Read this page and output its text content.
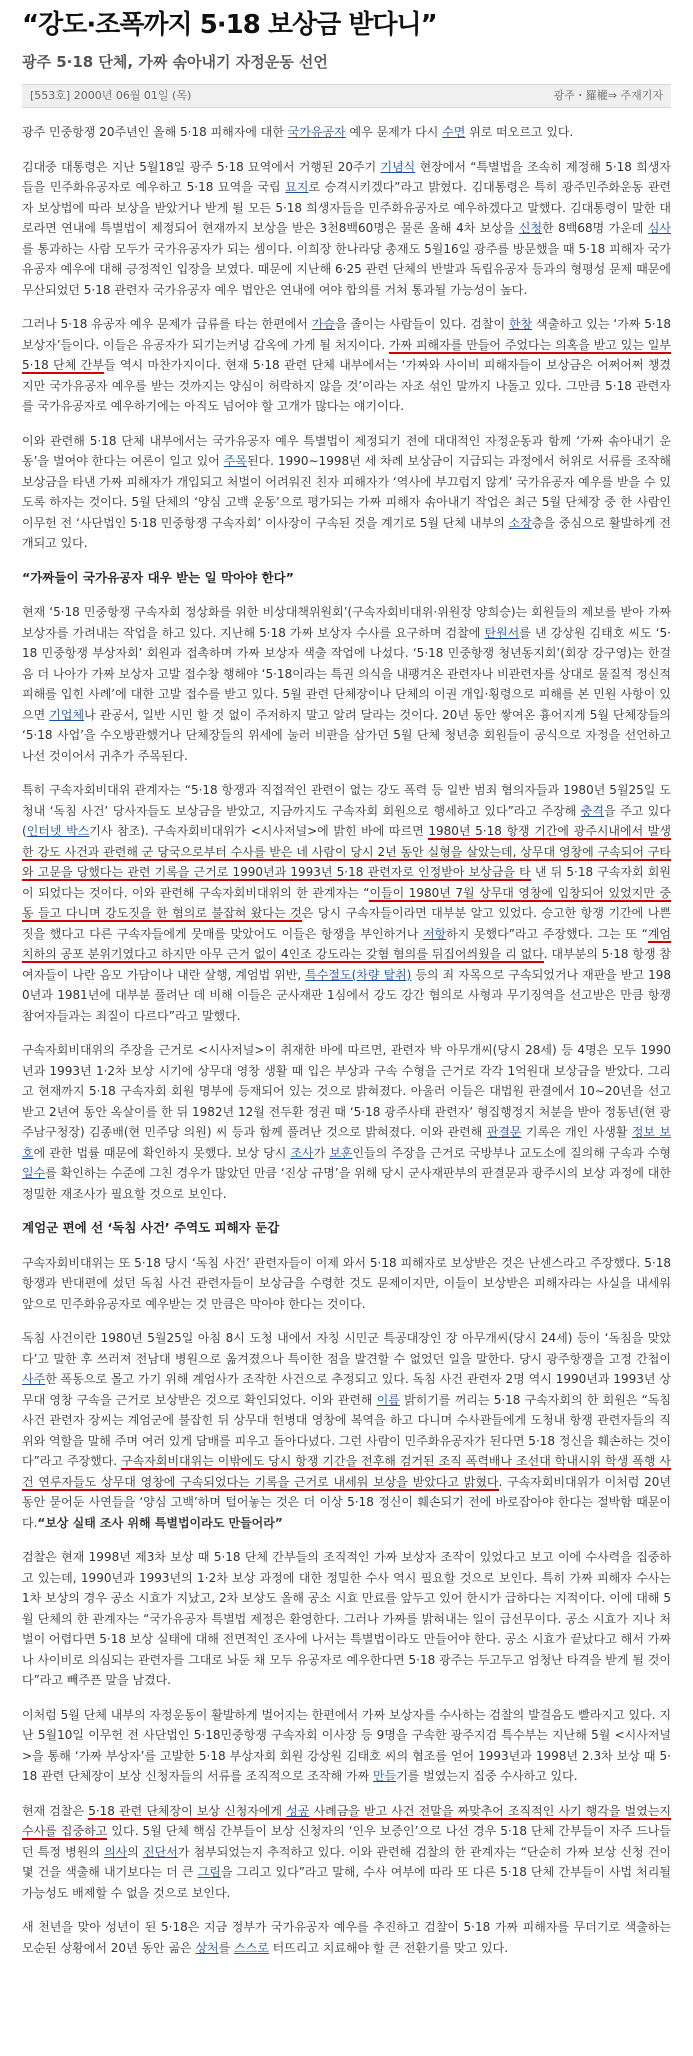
“강도·조폭까지 5·18 보상금 받다니”
광주 5·18 단체, 가짜 솎아내기 자정운동 선언
[553호] 2000년 06월 01일 (목)	광주・羅權⇒ 주재기자

광주 민중항쟁 20주년인 올해 5·18 피해자에 대한 국가유공자 예우 문제가 다시 수면 위로 떠오르고 있다.

김대중 대통령은 지난 5월18일 광주 5·18 묘역에서 거행된 20주기 기념식 현장에서 “특별법을 조속히 제정해 5·18 희생자들을 민주화유공자로 예우하고 5·18 묘역을 국립 묘지로 승격시키겠다”라고 밝혔다. 김대통령은 특히 광주민주화운동 관련자 보상법에 따라 보상을 받았거나 받게 될 모든 5·18 희생자들을 민주화유공자로 예우하겠다고 말했다. 김대통령이 말한 대로라면 연내에 특별법이 제정되어 현재까지 보상을 받은 3천8백60명은 물론 올해 4차 보상을 신청한 8백68명 가운데 심사를 통과하는 사람 모두가 국가유공자가 되는 셈이다. 이희장 한나라당 총재도 5월16일 광주를 방문했을 때 5·18 피해자 국가유공자 예우에 대해 긍정적인 입장을 보였다. 때문에 지난해 6·25 관련 단체의 반발과 독립유공자 등과의 형평성 문제 때문에 무산되었던 5·18 관련자 국가유공자 예우 법안은 연내에 여야 합의를 거쳐 통과될 가능성이 높다.

그러나 5·18 유공자 예우 문제가 급류를 타는 한편에서 가슴을 졸이는 사람들이 있다. 검찰이 한창 색출하고 있는 ‘가짜 5·18 보상자’들이다. 이들은 유공자가 되기는커녕 감옥에 가게 될 처지이다. 가짜 피해자를 만들어 주었다는 의혹을 받고 있는 일부 5·18 단체 간부들 역시 마찬가지이다. 현재 5·18 관련 단체 내부에서는 ‘가짜와 사이비 피해자들이 보상금은 어쩌어쩌 챙겼지만 국가유공자 예우를 받는 것까지는 양심이 허락하지 않을 것’이라는 자조 섞인 말까지 나돌고 있다. 그만큼 5·18 관련자를 국가유공자로 예우하기에는 아직도 넘어야 할 고개가 많다는 얘기이다.

이와 관련해 5·18 단체 내부에서는 국가유공자 예우 특별법이 제정되기 전에 대대적인 자정운동과 함께 ‘가짜 솎아내기 운동’을 벌여야 한다는 여론이 일고 있어 주목된다. 1990∼1998년 세 차례 보상금이 지급되는 과정에서 허위로 서류를 조작해 보상금을 타낸 가짜 피해자가 개입되고 처벌이 어려워진 친자 피해자가 ‘역사에 부끄럽지 않게’ 국가유공자 예우를 받을 수 있도록 하자는 것이다. 5월 단체의 ‘양심 고백 운동’으로 평가되는 가짜 피해자 솎아내기 작업은 최근 5월 단체장 중 한 사람인 이무헌 전 ‘사단법인 5·18 민중항쟁 구속자회’ 이사장이 구속된 것을 계기로 5월 단체 내부의 소장층을 중심으로 활발하게 전개되고 있다.

“가짜들이 국가유공자 대우 받는 일 막아야 한다”

현재 ‘5·18 민중항쟁 구속자회 정상화를 위한 비상대책위원회’(구속자회비대위·위원장 양희승)는 회원들의 제보를 받아 가짜 보상자를 가려내는 작업을 하고 있다. 지난해 5·18 가짜 보상자 수사를 요구하며 검찰에 탄원서를 낸 강상원 김태호 씨도 ‘5·18 민중항쟁 부상자회’ 회원과 접촉하며 가짜 보상자 색출 작업에 나섰다. ‘5·18 민중항쟁 청년동지회’(회장 강구영)는 한걸음 더 나아가 가짜 보상자 고발 접수창 행해야 ‘5·18이라는 특권 의식을 내팽겨온 관련자나 비관련자를 상대로 물질적 정신적 피해를 입힌 사례’에 대한 고발 접수를 받고 있다. 5월 관련 단체장이나 단체의 이권 개입·횡령으로 피해를 본 민원 사항이 있으면 기업체나 관공서, 일반 시민 할 것 없이 주저하지 말고 알려 달라는 것이다. 20년 동안 쌓여온 흉어지게 5월 단체장들의 ‘5·18 사업’을 수오방관했거나 단체장들의 위세에 눌러 비판을 삼가던 5월 단체 청년층 회원들이 공식으로 자정을 선언하고 나선 것이어서 귀추가 주목된다.

특히 구속자회비대위 관계자는 “5·18 항쟁과 직접적인 관련이 없는 강도 폭력 등 일반 범죄 혐의자들과 1980년 5월25일 도청내 ‘독침 사건’ 당사자들도 보상금을 받았고, 지금까지도 구속자회 회원으로 행세하고 있다”라고 주장해 충격을 주고 있다(인터넷 박스기사 참조). 구속자회비대위가 <시사저널>에 밝힌 바에 따르면 1980년 5·18 항쟁 기간에 광주시내에서 발생한 강도 사건과 관련해 군 당국으로부터 수사를 받은 네 사람이 당시 2년 동안 실형을 살았는데, 상무대 영창에 구속되어 구타와 고문을 당했다는 관련 기록을 근거로 1990년과 1993년 5·18 관련자로 인정받아 보상금을 타 낸 뒤 5·18 구속자회 회원이 되었다는 것이다. 이와 관련해 구속자회비대위의 한 관계자는 “이들이 1980년 7월 상무대 영창에 입창되어 있었지만 중동 들고 다니며 강도짓을 한 혐의로 불잡혀 왔다는 것은 당시 구속자들이라면 대부분 알고 있었다. 승고한 항쟁 기간에 나쁜 짓을 했다고 다른 구속자들에게 뭇매를 맞았어도 이들은 항쟁을 부인하거나 저항하지 못했다”라고 주장했다. 그는 또 “계엄 치하의 공포 분위기였다고 하지만 아무 근거 없이 4인조 강도라는 갖혐 혐의를 뒤집어씌웠을 리 없다. 대부분의 5·18 항쟁 참여자들이 나란 음모 가담이나 내란 살행, 계엄법 위반, 특수절도(차량 탈취) 등의 죄 자목으로 구속되었거나 재판을 받고 1980년과 1981년에 대부분 풀려난 데 비해 이들은 군사재판 1심에서 강도 강간 혐의로 사형과 무기징역을 선고받은 만큼 항쟁 참여자들과는 죄질이 다르다”라고 말했다.

구속자회비대위의 주장을 근거로 <시사저널>이 취재한 바에 따르면, 관련자 박 아무개씨(당시 28세) 등 4명은 모두 1990년과 1993년 1·2차 보상 시기에 상무대 영창 생활 때 입은 부상과 구속 수형을 근거로 각각 1억원대 보상금을 받았다. 그리고 현재까지 5·18 구속자회 회원 명부에 등재되어 있는 것으로 밝혀졌다. 아울러 이들은 대법원 판결에서 10∼20년을 선고받고 2년여 동안 옥살이를 한 뒤 1982년 12월 전두환 정권 때 ‘5·18 광주사태 관련자’ 형집행정지 처분을 받아 정동년(현 광주남구청장) 김종배(현 민주당 의원) 씨 등과 함께 풀려난 것으로 밝혀졌다. 이와 관련해 판결문 기록은 개인 사생활 정보 보호에 관한 법률 때문에 확인하지 못했다. 보상 당시 조사가 보훈인들의 주장을 근거로 국방부나 교도소에 질의해 구속과 수형 일수를 확인하는 수준에 그친 경우가 많았던 만큼 ‘진상 규명’을 위해 당시 군사재판부의 판결문과 광주시의 보상 과정에 대한 정밀한 재조사가 필요할 것으로 보인다.

계엄군 편에 선 ‘독침 사건’ 주역도 피해자 둔갑

구속자회비대위는 또 5·18 당시 ‘독침 사건’ 관련자들이 이제 와서 5·18 피해자로 보상받은 것은 난센스라고 주장했다. 5·18 항쟁과 반대편에 섰던 독침 사건 관련자들이 보상금을 수령한 것도 문제이지만, 이들이 보상받은 피해자라는 사실을 내세워 앞으로 민주화유공자로 예우받는 것 만큼은 막아야 한다는 것이다.

독침 사건이란 1980년 5월25일 아침 8시 도청 내에서 자칭 시민군 특공대장인 장 아무개씨(당시 24세) 등이 ‘독침을 맞았다’고 말한 후 쓰러져 전남대 병원으로 옮겨졌으나 특이한 점을 발견할 수 없었던 일을 말한다. 당시 광주항쟁을 고정 간첩이 사주한 폭동으로 몰고 가기 위해 계엄사가 조작한 사건으로 추정되고 있다. 독침 사건 관련자 2명 역시 1990년과 1993년 상무대 영창 구속을 근거로 보상받은 것으로 확인되었다. 이와 관련해 이름 밝히기를 꺼리는 5·18 구속자회의 한 회원은 “독침 사건 관련자 장씨는 계엄군에 불잡힌 뒤 상무대 헌병대 영창에 복역을 하고 다니며 수사관들에게 도청내 항쟁 관련자들의 직위와 역할을 말해 주며 여러 있게 담배를 피우고 돌아다녔다. 그런 사람이 민주화유공자가 된다면 5·18 정신을 훼손하는 것이다”라고 주장했다. 구속자회비대위는 이밖에도 당시 항쟁 기간을 전후해 검거된 조직 폭력배나 조선대 학내시위 학생 폭행 사건 연루자들도 상무대 영창에 구속되었다는 기록을 근거로 내세워 보상을 받았다고 밝혔다. 구속자회비대위가 이처럼 20년 동안 묻어둔 사연들을 ‘양심 고백’하며 털어놓는 것은 더 이상 5·18 정신이 훼손되기 전에 바로잡아야 한다는 절박함 때문이다.“보상 실태 조사 위해 특별법이라도 만들어라”

검찰은 현재 1998년 제3차 보상 때 5·18 단체 간부들의 조직적인 가짜 보상자 조작이 있었다고 보고 이에 수사력을 집중하고 있는데, 1990년과 1993년의 1·2차 보상 과정에 대한 정밀한 수사 역시 필요할 것으로 보인다. 특히 가짜 피해자 수사는 1차 보상의 경우 공소 시효가 지났고, 2차 보상도 올해 공소 시효 만료를 앞두고 있어 한시가 급하다는 지적이다. 이에 대해 5월 단체의 한 관계자는 “국가유공자 특별법 제정은 환영한다. 그러나 가짜를 밝혀내는 일이 급선무이다. 공소 시효가 지나 처벌이 어렵다면 5·18 보상 실태에 대해 전면적인 조사에 나서는 특별법이라도 만들어야 한다. 공소 시효가 끝났다고 해서 가짜나 사이비로 의심되는 관련자를 그대로 놔둔 채 모두 유공자로 예우한다면 5·18 광주는 두고두고 엄청난 타격을 받게 될 것이다”라고 빼주픈 말을 남겼다.

이처럼 5월 단체 내부의 자정운동이 활발하게 벌어지는 한편에서 가짜 보상자를 수사하는 검찰의 발걸음도 빨라지고 있다. 지난 5월10일 이무헌 전 사단법인 5·18민중항쟁 구속자회 이사장 등 9명을 구속한 광주지검 특수부는 지난해 5월 <시사저널>을 통해 ‘가짜 부상자’를 고발한 5·18 부상자회 회원 강상원 김태호 씨의 협조를 얻어 1993년과 1998년 2.3차 보상 때 5·18 관련 단체장이 보상 신청자들의 서류를 조직적으로 조작해 가짜 만들기를 벌였는지 집중 수사하고 있다.

현재 검찰은 5·18 관련 단체장이 보상 신청자에게 성공 사례금을 받고 사건 전말을 짜맞추어 조직적인 사기 행각을 벌였는지 수사를 집중하고 있다. 5월 단체 핵심 간부들이 보상 신청자의 ‘인우 보증인’으로 나선 경우 5·18 단체 간부들이 자주 드나들던 특정 병원의 의사의 진단서가 첨부되었는지 추적하고 있다. 이와 관련해 검찰의 한 관계자는 “단순히 가짜 보상 신청 건이 몇 건을 색출해 내기보다는 더 큰 그림을 그리고 있다”라고 말해, 수사 여부에 따라 또 다른 5·18 단체 간부들이 사법 처리될 가능성도 배제할 수 없을 것으로 보인다.

새 천년을 맞아 성년이 된 5·18은 지금 정부가 국가유공자 예우를 추진하고 검찰이 5·18 가짜 피해자를 무더기로 색출하는 모순된 상황에서 20년 동안 곪은 상처를 스스로 터뜨리고 치료해야 할 큰 전환기를 맞고 있다.
